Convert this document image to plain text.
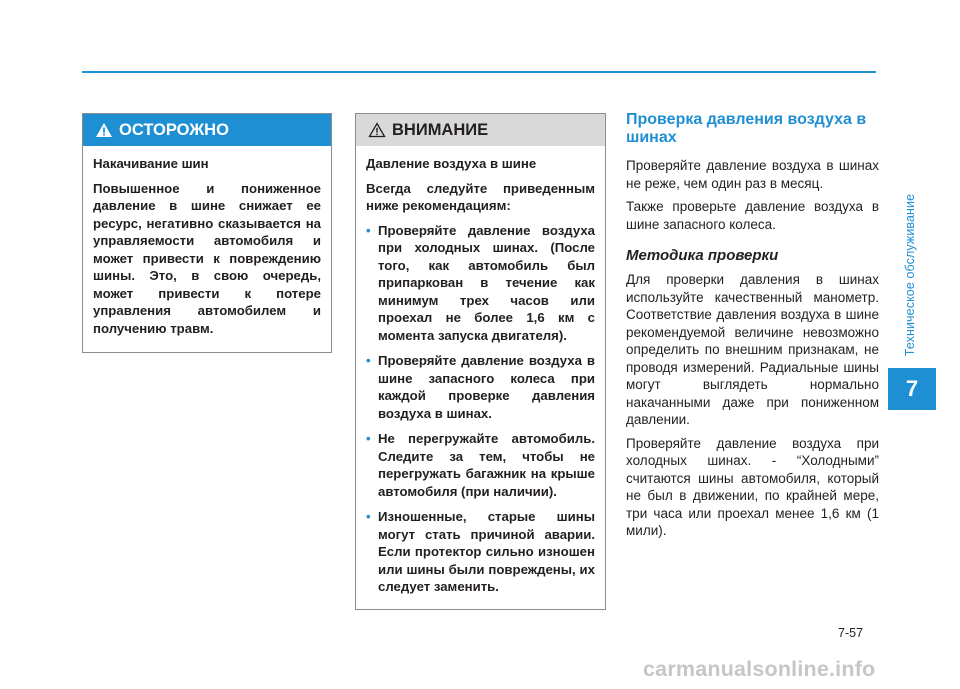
Техническое обслуживание
7
ОСТОРОЖНО

Накачивание шин

Повышенное и пониженное давление в шине снижает ее ресурс, негативно сказывается на управляемости автомобиля и может привести к повреждению шины. Это, в свою очередь, может привести к потере управления автомобилем и получению травм.

ВНИМАНИЕ

Давление воздуха в шине

Всегда следуйте приведенным ниже рекомендациям:

• Проверяйте давление воздуха при холодных шинах. (После того, как автомобиль был припаркован в течение как минимум трех часов или проехал не более 1,6 км с момента запуска двигателя).
• Проверяйте давление воздуха в шине запасного колеса при каждой проверке давления воздуха в шинах.
• Не перегружайте автомобиль. Следите за тем, чтобы не перегружать багажник на крыше автомобиля (при наличии).
• Изношенные, старые шины могут стать причиной аварии. Если протектор сильно изношен или шины были повреждены, их следует заменить.
Проверка давления воздуха в шинах

Проверяйте давление воздуха в шинах не реже, чем один раз в месяц.

Также проверьте давление воздуха в шине запасного колеса.

Методика проверки

Для проверки давления в шинах используйте качественный манометр. Соответствие давления воздуха в шине рекомендуемой величине невозможно определить по внешним признакам, не проводя измерений. Радиальные шины могут выглядеть нормально накачанными даже при пониженном давлении.

Проверяйте давление воздуха при холодных шинах. - “Холодными” считаются шины автомобиля, который не был в движении, по крайней мере, три часа или проехал менее 1,6 км (1 мили).

7-57
carmanualsonline.info
